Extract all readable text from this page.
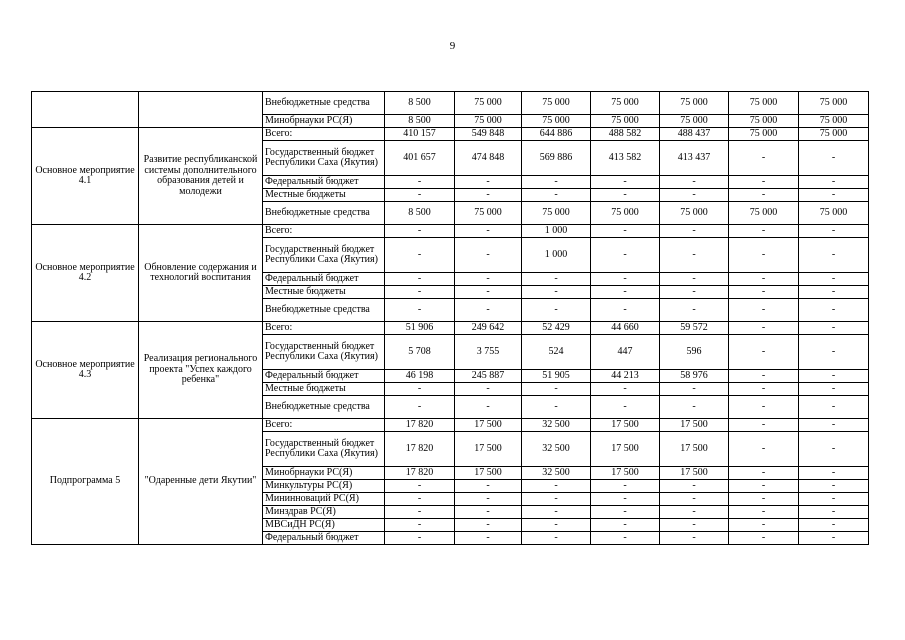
9
		Внебюджетные средства	8 500	75 000	75 000	75 000	75 000	75 000	75 000
		Минобрнауки РС(Я)	8 500	75 000	75 000	75 000	75 000	75 000	75 000
Основное мероприятие 4.1	Развитие республиканской системы дополнительного образования детей и молодежи	Всего:	410 157	549 848	644 886	488 582	488 437	75 000	75 000
		Государственный бюджет Республики Саха (Якутия)	401 657	474 848	569 886	413 582	413 437	-	-
		Федеральный бюджет	-	-	-	-	-	-	-
		Местные бюджеты	-	-	-	-	-	-	-
		Внебюджетные средства	8 500	75 000	75 000	75 000	75 000	75 000	75 000
Основное мероприятие 4.2	Обновление содержания и технологий воспитания	Всего:	-	-	1 000	-	-	-	-
		Государственный бюджет Республики Саха (Якутия)	-	-	1 000	-	-	-	-
		Федеральный бюджет	-	-	-	-	-	-	-
		Местные бюджеты	-	-	-	-	-	-	-
		Внебюджетные средства	-	-	-	-	-	-	-
Основное мероприятие 4.3	Реализация регионального проекта "Успех каждого ребенка"	Всего:	51 906	249 642	52 429	44 660	59 572	-	-
		Государственный бюджет Республики Саха (Якутия)	5 708	3 755	524	447	596	-	-
		Федеральный бюджет	46 198	245 887	51 905	44 213	58 976	-	-
		Местные бюджеты	-	-	-	-	-	-	-
		Внебюджетные средства	-	-	-	-	-	-	-
Подпрограмма 5	"Одаренные дети Якутии"	Всего:	17 820	17 500	32 500	17 500	17 500	-	-
		Государственный бюджет Республики Саха (Якутия)	17 820	17 500	32 500	17 500	17 500	-	-
		Минобрнауки РС(Я)	17 820	17 500	32 500	17 500	17 500	-	-
		Минкультуры РС(Я)	-	-	-	-	-	-	-
		Мининноваций РС(Я)	-	-	-	-	-	-	-
		Минздрав РС(Я)	-	-	-	-	-	-	-
		МВСиДН РС(Я)	-	-	-	-	-	-	-
		Федеральный бюджет	-	-	-	-	-	-	-
